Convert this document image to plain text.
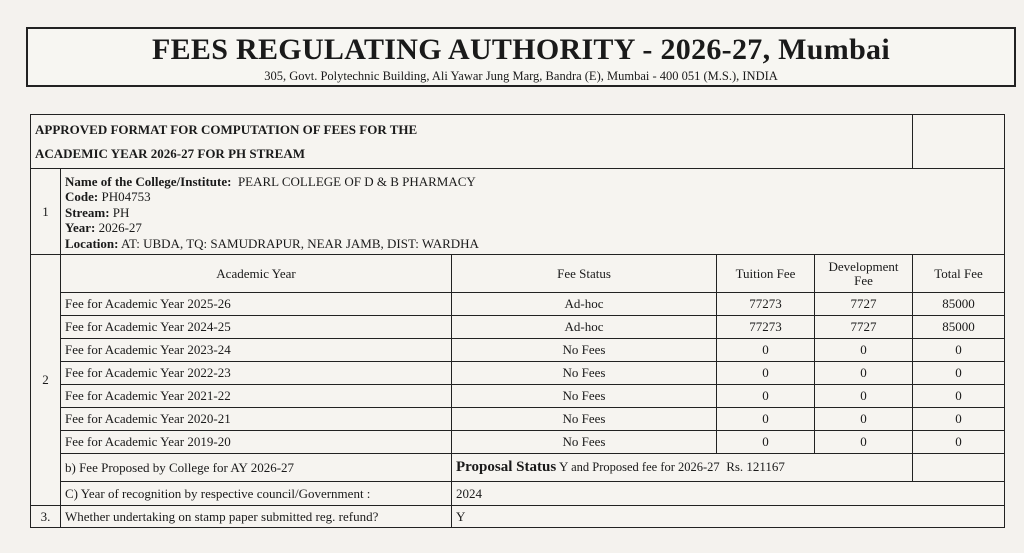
FEES REGULATING AUTHORITY - 2026-27, Mumbai
305, Govt. Polytechnic Building, Ali Yawar Jung Marg, Bandra (E), Mumbai - 400 051 (M.S.), INDIA
APPROVED FORMAT FOR COMPUTATION OF FEES FOR THE
ACADEMIC YEAR 2026-27 FOR PH STREAM					

1	Name of the College/Institute: PEARL COLLEGE OF D & B PHARMACY
Code: PH04753
Stream: PH
Year: 2026-27
Location: AT: UBDA, TQ: SAMUDRAPUR, NEAR JAMB, DIST: WARDHA				

2	Academic Year	Fee Status	Tuition Fee	Development Fee	Total Fee
	Fee for Academic Year 2025-26	Ad-hoc	77273	7727	85000
	Fee for Academic Year 2024-25	Ad-hoc	77273	7727	85000
	Fee for Academic Year 2023-24	No Fees	0	0	0
	Fee for Academic Year 2022-23	No Fees	0	0	0
	Fee for Academic Year 2021-22	No Fees	0	0	0
	Fee for Academic Year 2020-21	No Fees	0	0	0
	Fee for Academic Year 2019-20	No Fees	0	0	0
	b) Fee Proposed by College for AY 2026-27	Proposal Status Y and Proposed fee for 2026-27 Rs. 121167			
	C) Year of recognition by respective council/Government :	2024			
3.	Whether undertaking on stamp paper submitted reg. refund?	Y			
